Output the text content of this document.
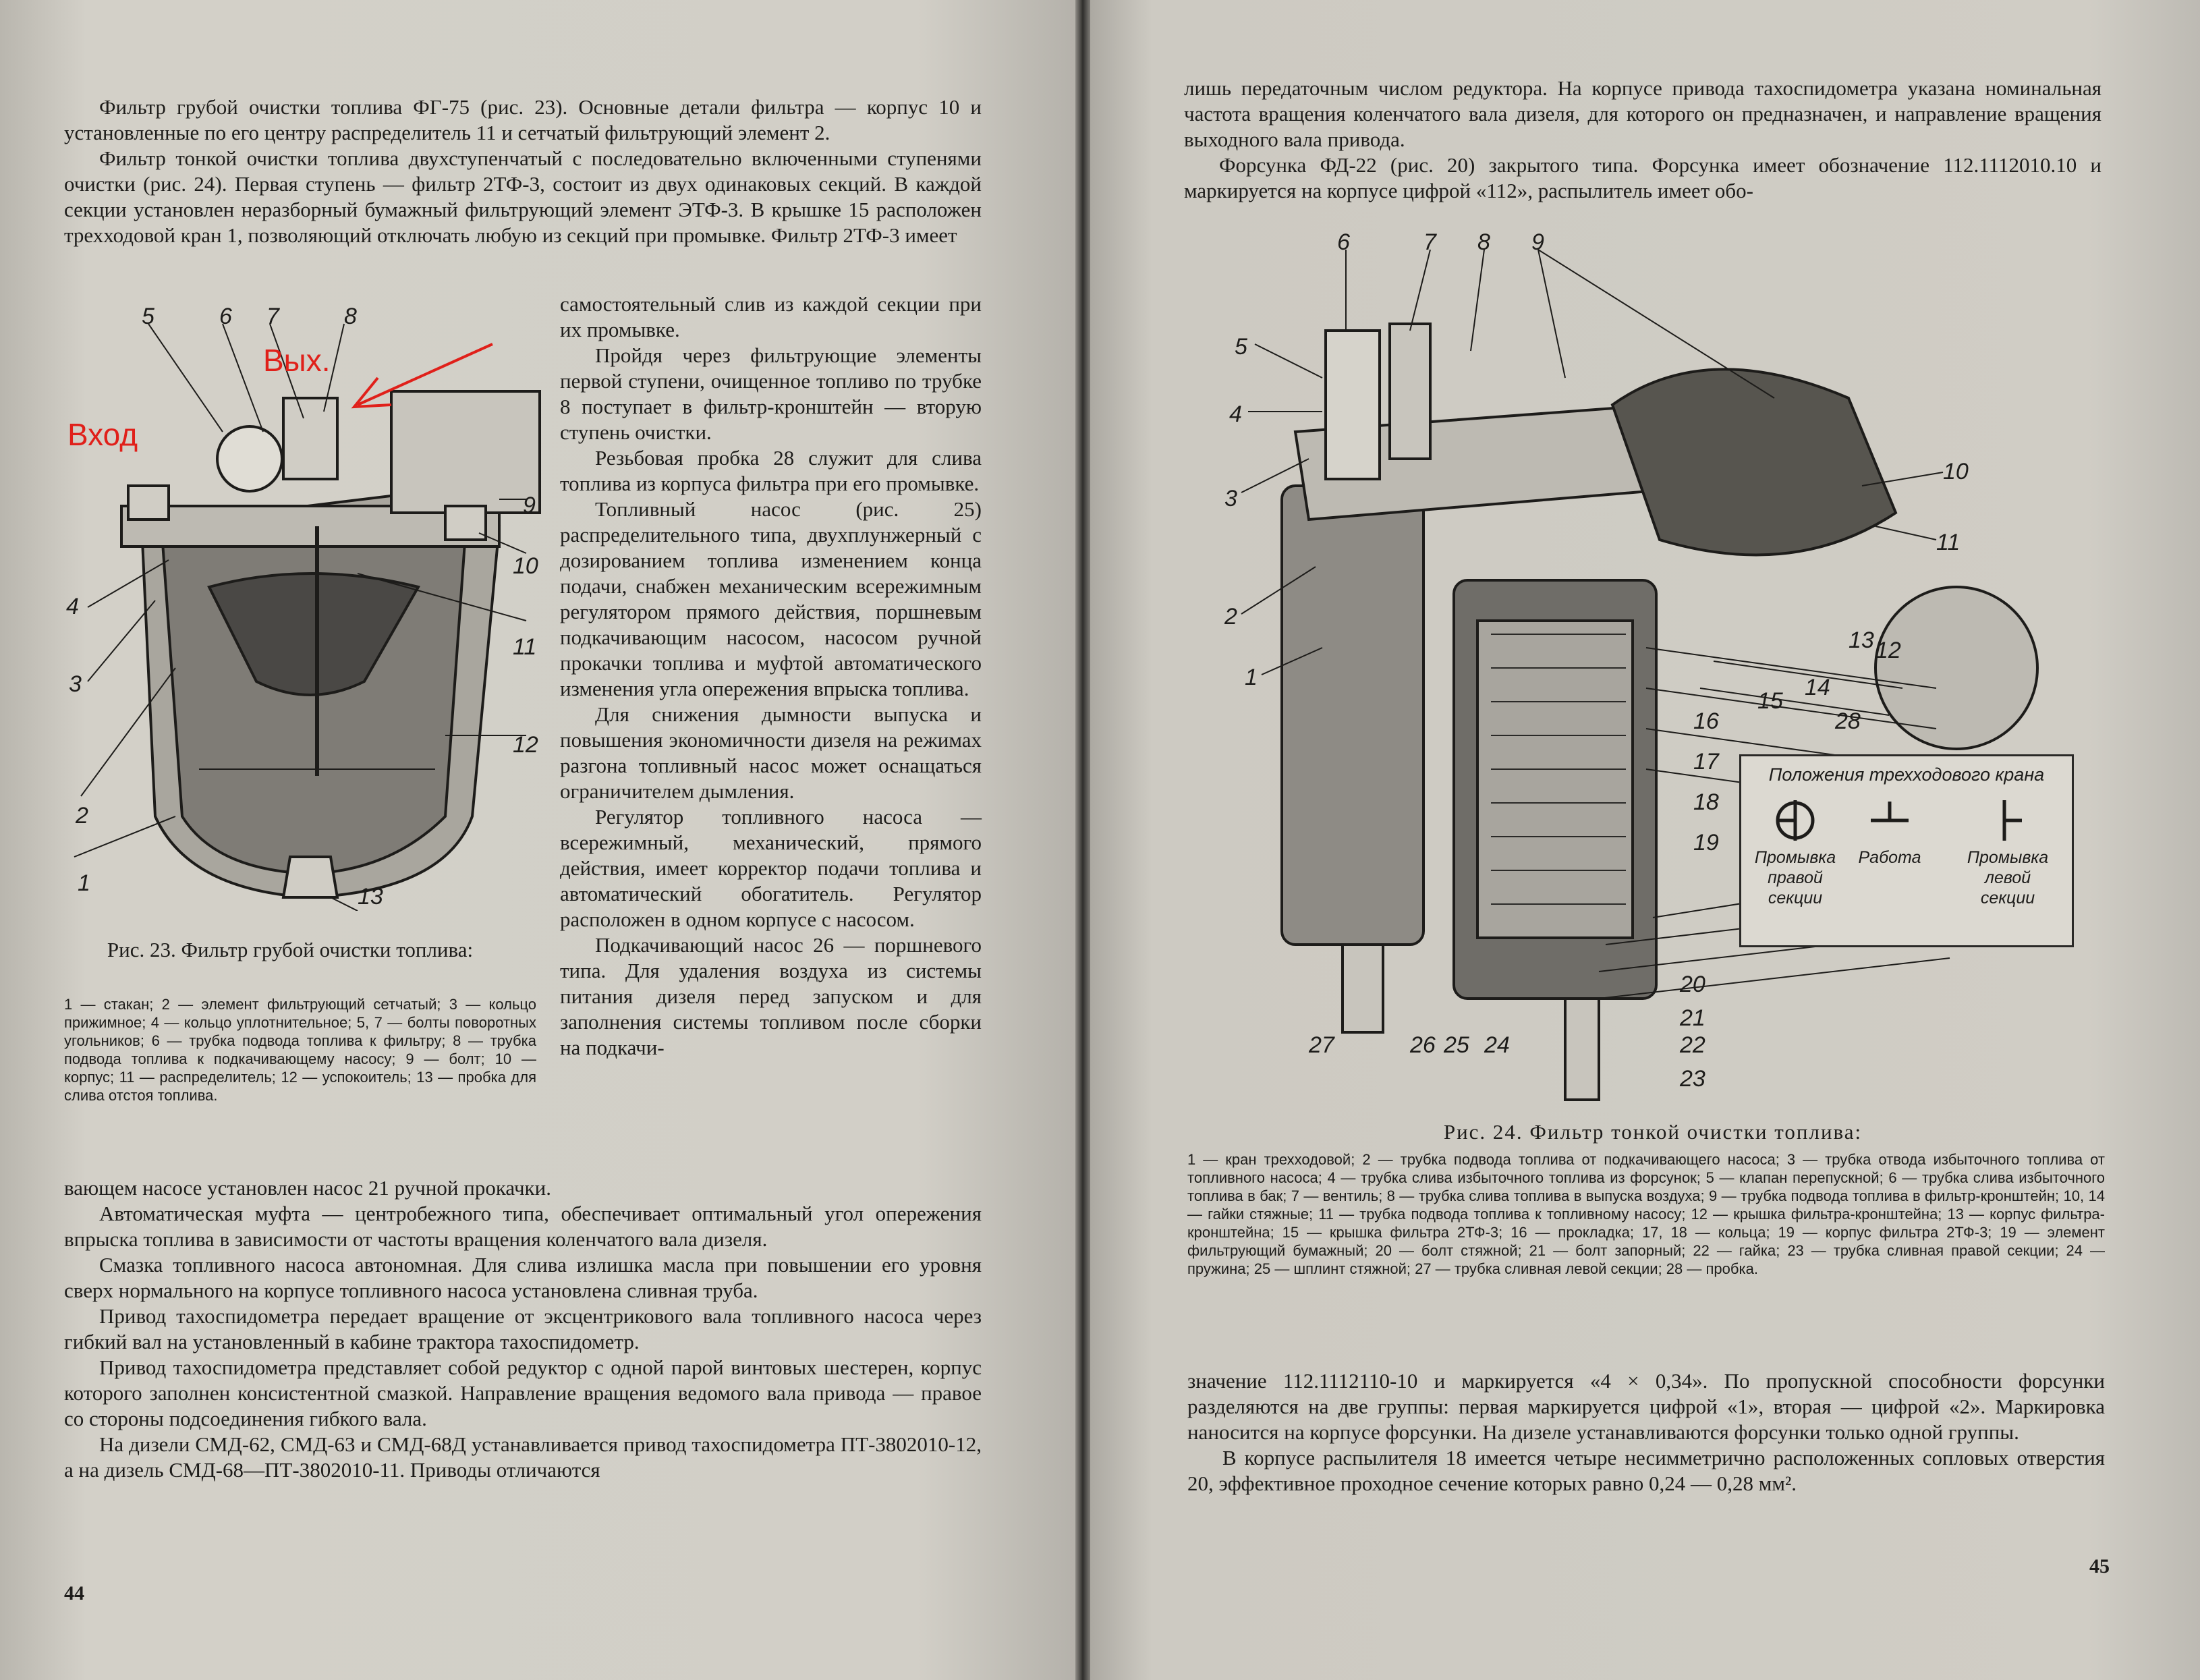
Фильтр грубой очистки топлива ФГ-75 (рис. 23). Основные детали фильтра — корпус 10 и установленные по его центру распределитель 11 и сетчатый фильтрующий элемент 2.

Фильтр тонкой очистки топлива двухступенчатый с последовательно включенными ступенями очистки (рис. 24). Первая ступень — фильтр 2ТФ-3, состоит из двух одинаковых секций. В каждой секции установлен неразборный бумажный фильтрующий элемент ЭТФ-3. В крышке 15 расположен трехходовой кран 1, позволяющий отключать любую из секций при промывке. Фильтр 2ТФ-3 имеет

самостоятельный слив из каждой секции при их промывке.

Пройдя через фильтрующие элементы первой ступени, очищенное топливо по трубке 8 поступает в фильтр-кронштейн — вторую ступень очистки.

Резьбовая пробка 28 служит для слива топлива из корпуса фильтра при его промывке.

Топливный насос (рис. 25) распределительного типа, двухплунжерный с дозированием топлива изменением конца подачи, снабжен механическим всережимным регулятором прямого действия, поршневым подкачивающим насосом, насосом ручной прокачки топлива и муфтой автоматического изменения угла опережения впрыска топлива.

Для снижения дымности выпуска и повышения экономичности дизеля на режимах разгона топливный насос может оснащаться ограничителем дымления.

Регулятор топливного насоса — всережимный, механический, прямого действия, имеет корректор подачи топлива и автоматический обогатитель. Регулятор расположен в одном корпусе с насосом.

Подкачивающий насос 26 — поршневого типа. Для удаления воздуха из системы питания дизеля перед запуском и для заполнения системы топливом после сборки на подкачи-

5	6 7	8
9
10
11
12
13
1
2
3
4
Вход
Вых.
Рис. 23. Фильтр грубой очистки топлива:
1 — стакан; 2 — элемент фильтрующий сетчатый; 3 — кольцо прижимное; 4 — кольцо уплотнительное; 5, 7 — болты поворотных угольников; 6 — трубка подвода топлива к фильтру; 8 — трубка подвода топлива к подкачивающему насосу; 9 — болт; 10 — корпус; 11 — распределитель; 12 — успокоитель; 13 — пробка для слива отстоя топлива.

вающем насосе установлен насос 21 ручной прокачки.

Автоматическая муфта — центробежного типа, обеспечивает оптимальный угол опережения впрыска топлива в зависимости от частоты вращения коленчатого вала дизеля.

Смазка топливного насоса автономная. Для слива излишка масла при повышении его уровня сверх нормального на корпусе топливного насоса установлена сливная труба.

Привод тахоспидометра передает вращение от эксцентрикового вала топливного насоса через гибкий вал на установленный в кабине трактора тахоспидометр.

Привод тахоспидометра представляет собой редуктор с одной парой винтовых шестерен, корпус которого заполнен консистентной смазкой. Направление вращения ведомого вала привода — правое со стороны подсоединения гибкого вала.

На дизели СМД-62, СМД-63 и СМД-68Д устанавливается привод тахоспидометра ПТ-3802010-12, а на дизель СМД-68—ПТ-3802010-11. Приводы отличаются

44

лишь передаточным числом редуктора. На корпусе привода тахоспидометра указана номинальная частота вращения коленчатого вала дизеля, для которого он предназначен, и направление вращения выходного вала привода.

Форсунка ФД-22 (рис. 20) закрытого типа. Форсунка имеет обозначение 112.1112010.10 и маркируется на корпусе цифрой «112», распылитель имеет обо-

6	7 8 9
5
4
3
2
1
10
11
13 12
28
14
15
16
17
18
19
20
21
22
23
27	26 25 24
Положения трехходового крана
Промывка правой секции
Работа	Промывка левой секции
Рис. 24. Фильтр тонкой очистки топлива:
1 — кран трехходовой; 2 — трубка подвода топлива от подкачивающего насоса; 3 — трубка отвода избыточного топлива от топливного насоса; 4 — трубка слива избыточного топлива из форсунок; 5 — клапан перепускной; 6 — трубка слива избыточного топлива в бак; 7 — вентиль; 8 — трубка слива топлива в выпуска воздуха; 9 — трубка подвода топлива в фильтр-кронштейн; 10, 14 — гайки стяжные; 11 — трубка подвода топлива к топливному насосу; 12 — крышка фильтра-кронштейна; 13 — корпус фильтра-кронштейна; 15 — крышка фильтра 2ТФ-3; 16 — прокладка; 17, 18 — кольца; 19 — корпус фильтра 2ТФ-3; 19 — элемент фильтрующий бумажный; 20 — болт стяжной; 21 — болт запорный; 22 — гайка; 23 — трубка сливная правой секции; 24 — пружина; 25 — шплинт стяжной; 27 — трубка сливная левой секции; 28 — пробка.

значение 112.1112110-10 и маркируется «4 × 0,34». По пропускной способности форсунки разделяются на две группы: первая маркируется цифрой «1», вторая — цифрой «2». Маркировка наносится на корпусе форсунки. На дизеле устанавливаются форсунки только одной группы.

В корпусе распылителя 18 имеется четыре несимметрично расположенных сопловых отверстия 20, эффективное проходное сечение которых равно 0,24 — 0,28 мм².

45
